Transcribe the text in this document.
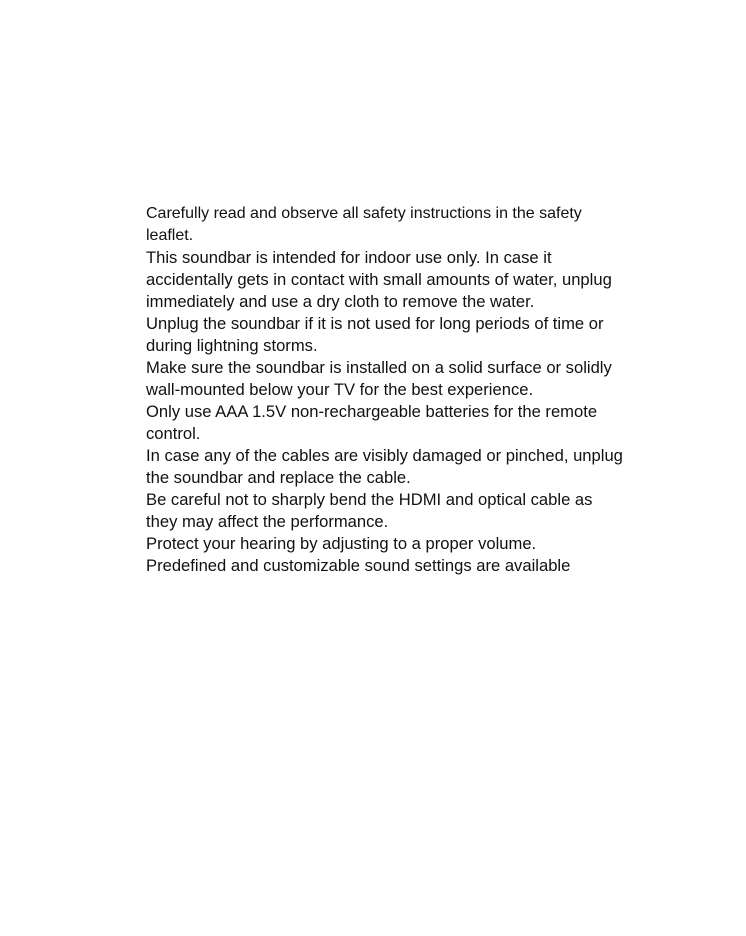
Carefully read and observe all safety instructions in the safety leaflet.

This soundbar is intended for indoor use only. In case it accidentally gets in contact with small amounts of water, unplug immediately and use a dry cloth to remove the water.

Unplug the soundbar if it is not used for long periods of time or during lightning storms.

Make sure the soundbar is installed on a solid surface or solidly wall-mounted below your TV for the best experience.

Only use AAA 1.5V non-rechargeable batteries for the remote control.

In case any of the cables are visibly damaged or pinched, unplug the soundbar and replace the cable.

Be careful not to sharply bend the HDMI and optical cable as they may affect the performance.

Protect your hearing by adjusting to a proper volume.

Predefined and customizable sound settings are available
